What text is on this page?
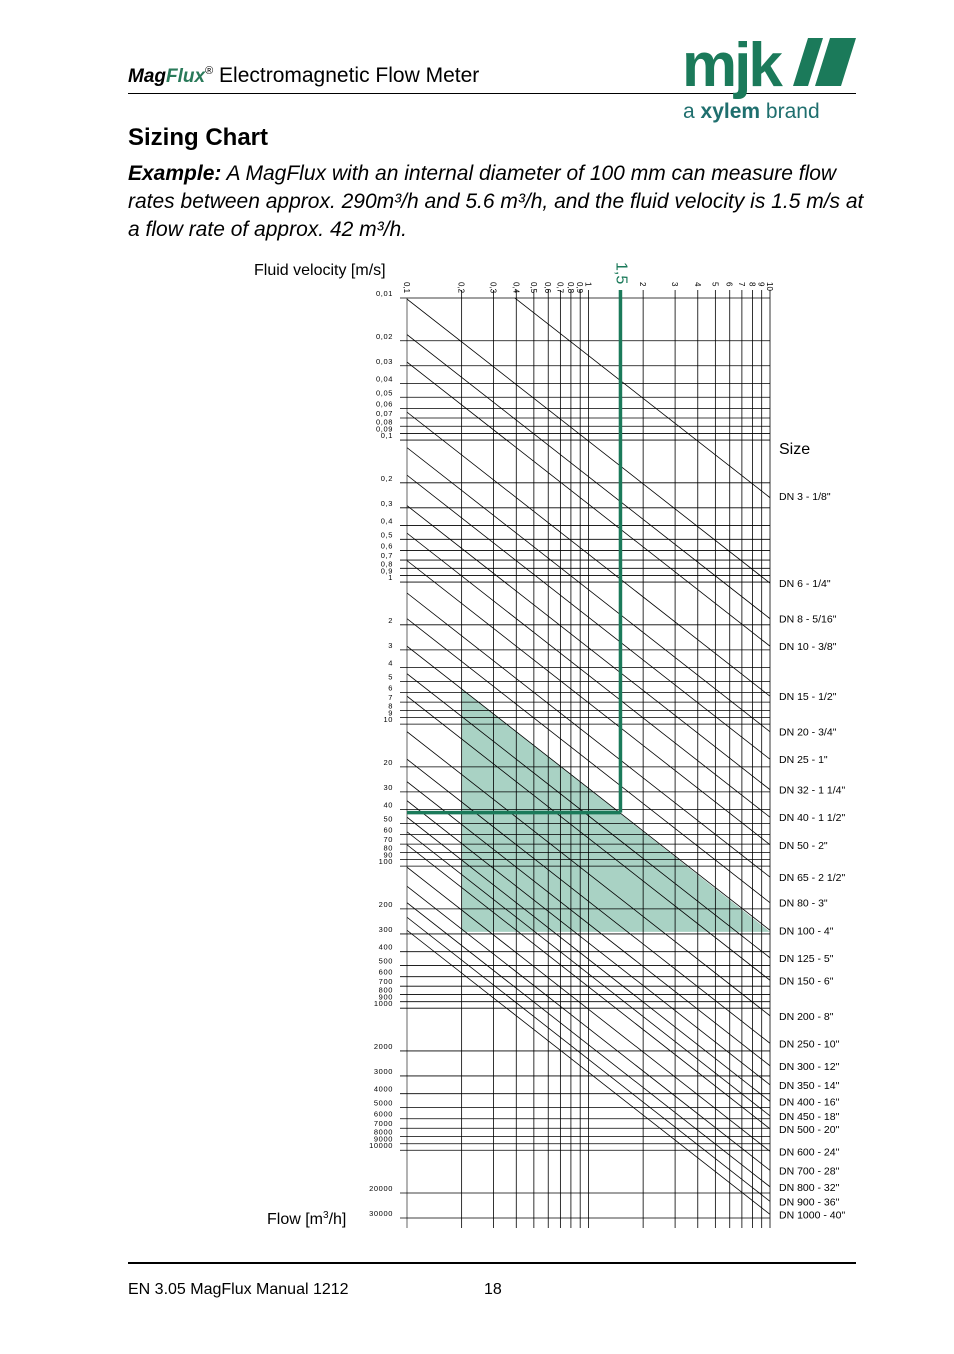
MagFlux® Electromagnetic Flow Meter	mjk
a xylem brand
Sizing Chart
Example: A MagFlux with an internal diameter of 100 mm can measure flow rates between approx. 290m³/h and 5.6 m³/h, and the fluid velocity is 1.5 m/s at a flow rate of approx. 42 m³/h.
0,01
0,02
0,03
0,04
0,05
0,06
0,07
0,08
0,09
0,1
0,2
0,3
0,4
0,5
0,6
0,7
0,8
0,9
1
2
3
4
5
6
7
8
9
10
20
30
40
50
60
70
80
90
100
200
300
400
500
600
700
800
900
1000
2000
3000
4000
5000
6000
7000
8000
9000
10000
20000
30000
0,1	0,2	0,3 0,4 0,5 0,6 0,7 0,8 0,9 1	2	3 4 5 6 7 8 9 10
DN 3 - 1/8"
DN 6 - 1/4"
DN 8 - 5/16"
DN 10 - 3/8"
DN 15 - 1/2"
DN 20 - 3/4"
DN 25 - 1"
DN 32 - 1 1/4"
DN 40 - 1 1/2"
DN 50 - 2"
DN 65 - 2 1/2"
DN 80 - 3"
DN 100 - 4"
DN 125 - 5"
DN 150 - 6"
DN 200 - 8"
DN 250 - 10"
DN 300 - 12"
DN 350 - 14"
DN 400 - 16"
DN 450 - 18"
DN 500 - 20"
DN 600 - 24"
DN 700 - 28"
DN 800 - 32"
DN 900 - 36"
DN 1000 - 40"
1,5
Fluid velocity [m/s]
Flow $[m^3/h]$
Size
EN 3.05 MagFlux Manual 1212	18
